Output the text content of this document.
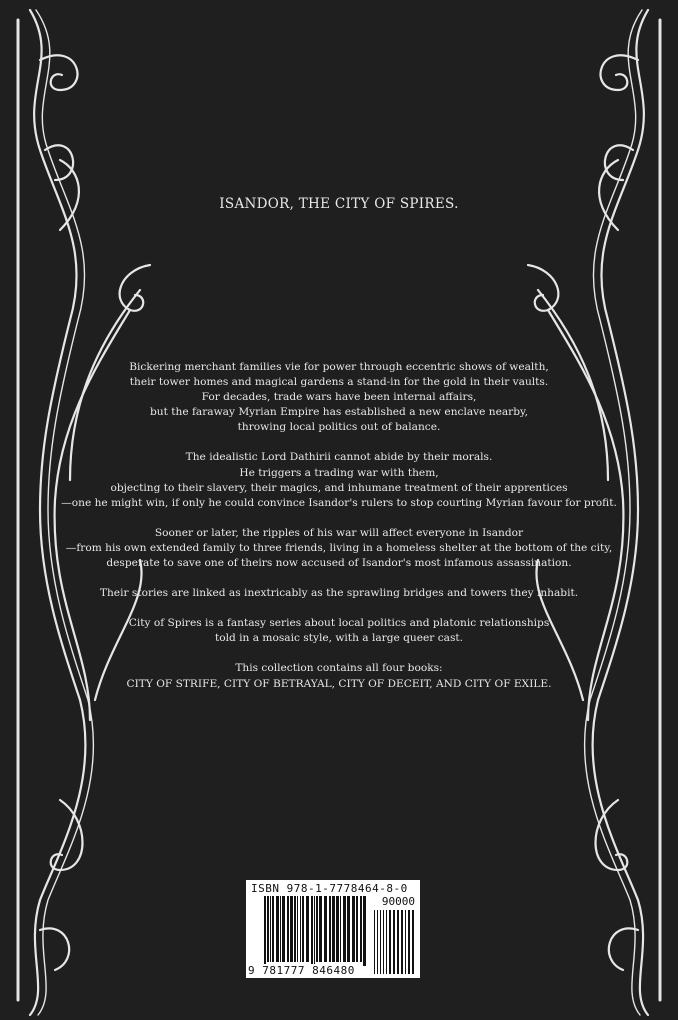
ISANDOR, THE CITY OF SPIRES.

Bickering merchant families vie for power through eccentric shows of wealth,
their tower homes and magical gardens a stand-in for the gold in their vaults.
For decades, trade wars have been internal affairs,
but the faraway Myrian Empire has established a new enclave nearby,
throwing local politics out of balance.

The idealistic Lord Dathirii cannot abide by their morals.
He triggers a trading war with them,
objecting to their slavery, their magics, and inhumane treatment of their apprentices
—one he might win, if only he could convince Isandor's rulers to stop courting Myrian favour for profit.

Sooner or later, the ripples of his war will affect everyone in Isandor
—from his own extended family to three friends, living in a homeless shelter at the bottom of the city,
desperate to save one of theirs now accused of Isandor's most infamous assassination.

Their stories are linked as inextricably as the sprawling bridges and towers they inhabit.

City of Spires is a fantasy series about local politics and platonic relationships
told in a mosaic style, with a large queer cast.

This collection contains all four books:
CITY OF STRIFE, CITY OF BETRAYAL, CITY OF DECEIT, AND CITY OF EXILE.

ISBN 978-1-7778464-8-0
90000
9 781777 846480
